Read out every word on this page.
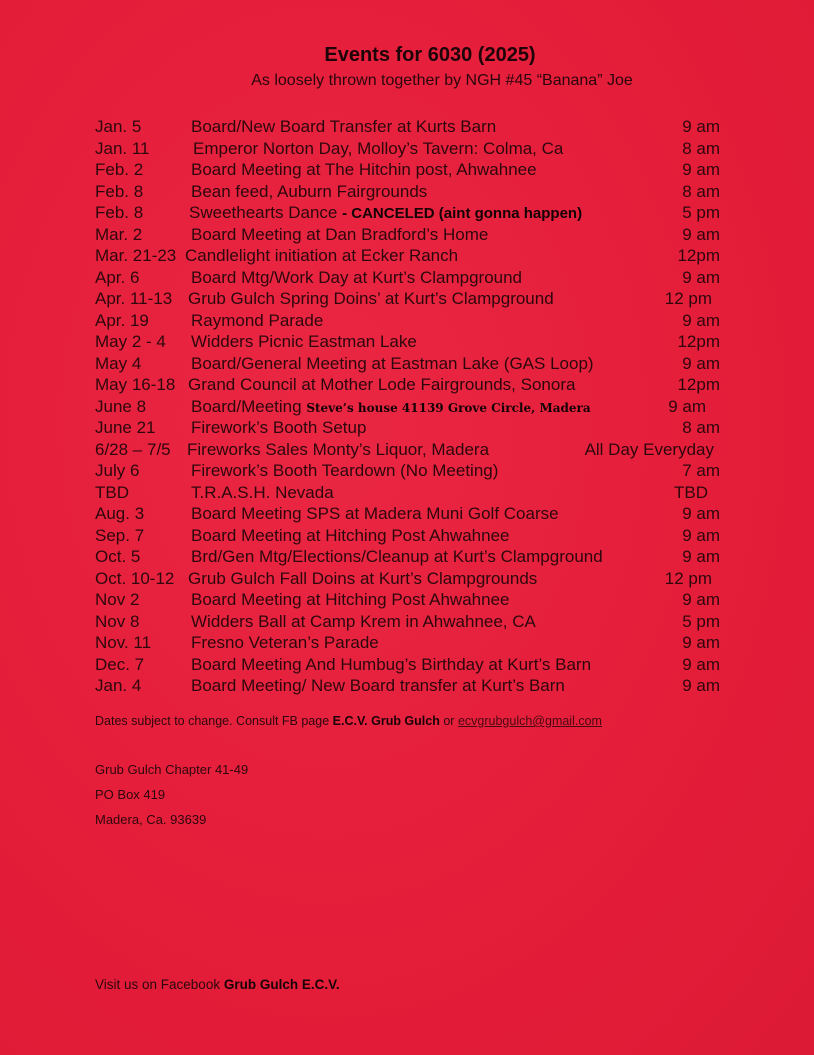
Events for 6030 (2025)
As loosely thrown together by NGH #45 “Banana” Joe
Jan. 5	Board/New Board Transfer at Kurts Barn	9 am
Jan. 11	Emperor Norton Day, Molloy’s Tavern: Colma, Ca	8 am
Feb. 2	Board Meeting at The Hitchin post, Ahwahnee	9 am
Feb. 8	Bean feed, Auburn Fairgrounds	8 am
Feb. 8	Sweethearts Dance - CANCELED (aint gonna happen)	5 pm
Mar. 2	Board Meeting at Dan Bradford’s Home	9 am
Mar. 21-23 Candlelight initiation at Ecker Ranch	12pm
Apr. 6	Board Mtg/Work Day at Kurt’s Clampground	9 am
Apr. 11-13 Grub Gulch Spring Doins’ at Kurt’s Clampground	12 pm
Apr. 19 Raymond Parade	9 am
May 2 - 4 Widders Picnic Eastman Lake	12pm
May 4	Board/General Meeting at Eastman Lake (GAS Loop)	9 am
May 16-18 Grand Council at Mother Lode Fairgrounds, Sonora	12pm
June 8	Board/Meeting Steve’s house 41139 Grove Circle, Madera	9 am
June 21 Firework’s Booth Setup	8 am
6/28 – 7/5 Fireworks Sales Monty’s Liquor, Madera	All Day Everyday
July 6	Firework’s Booth Teardown (No Meeting)	7 am
TBD	T.R.A.S.H. Nevada	TBD
Aug. 3	Board Meeting SPS at Madera Muni Golf Coarse	9 am
Sep. 7	Board Meeting at Hitching Post Ahwahnee	9 am
Oct. 5	Brd/Gen Mtg/Elections/Cleanup at Kurt’s Clampground	9 am
Oct. 10-12 Grub Gulch Fall Doins at Kurt’s Clampgrounds	12 pm
Nov 2	Board Meeting at Hitching Post Ahwahnee	9 am
Nov 8	Widders Ball at Camp Krem in Ahwahnee, CA	5 pm
Nov. 11 Fresno Veteran’s Parade	9 am
Dec. 7	Board Meeting And Humbug’s Birthday at Kurt’s Barn	9 am
Jan. 4	Board Meeting/ New Board transfer at Kurt’s Barn	9 am
Dates subject to change. Consult FB page E.C.V. Grub Gulch or ecvgrubgulch@gmail.com
Grub Gulch Chapter 41-49
PO Box 419
Madera, Ca. 93639
Visit us on Facebook Grub Gulch E.C.V.
